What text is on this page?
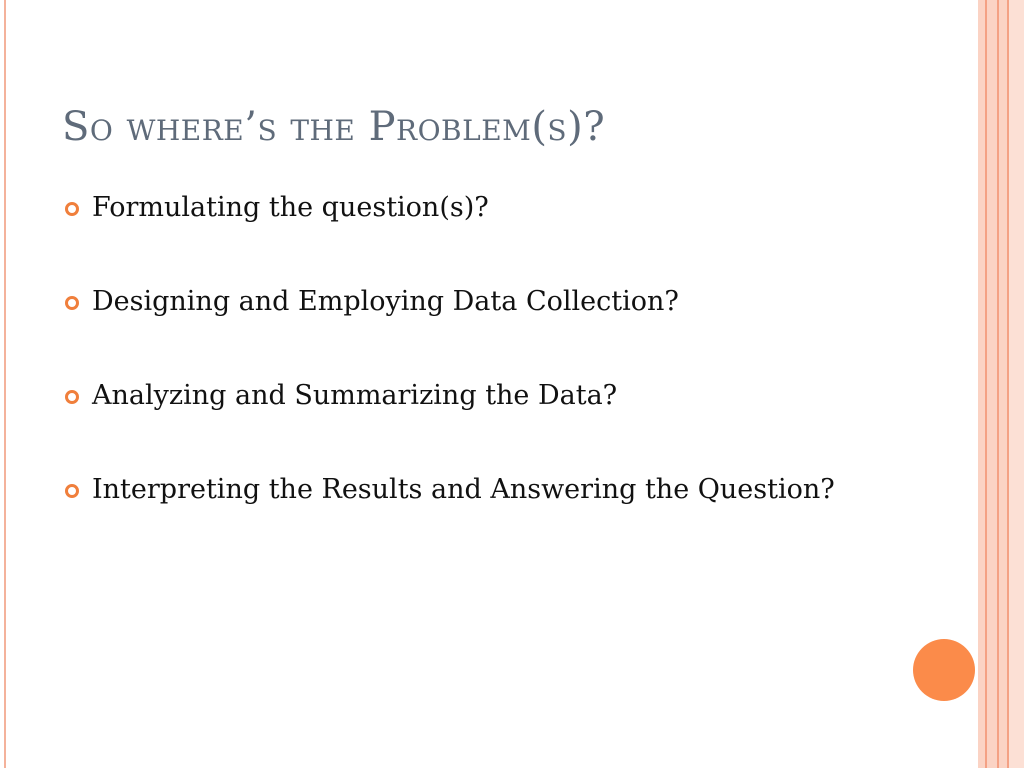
So where’s the Problem(s)?
Formulating the question(s)?
Designing and Employing Data Collection?
Analyzing and Summarizing the Data?
Interpreting the Results and Answering the Question?
